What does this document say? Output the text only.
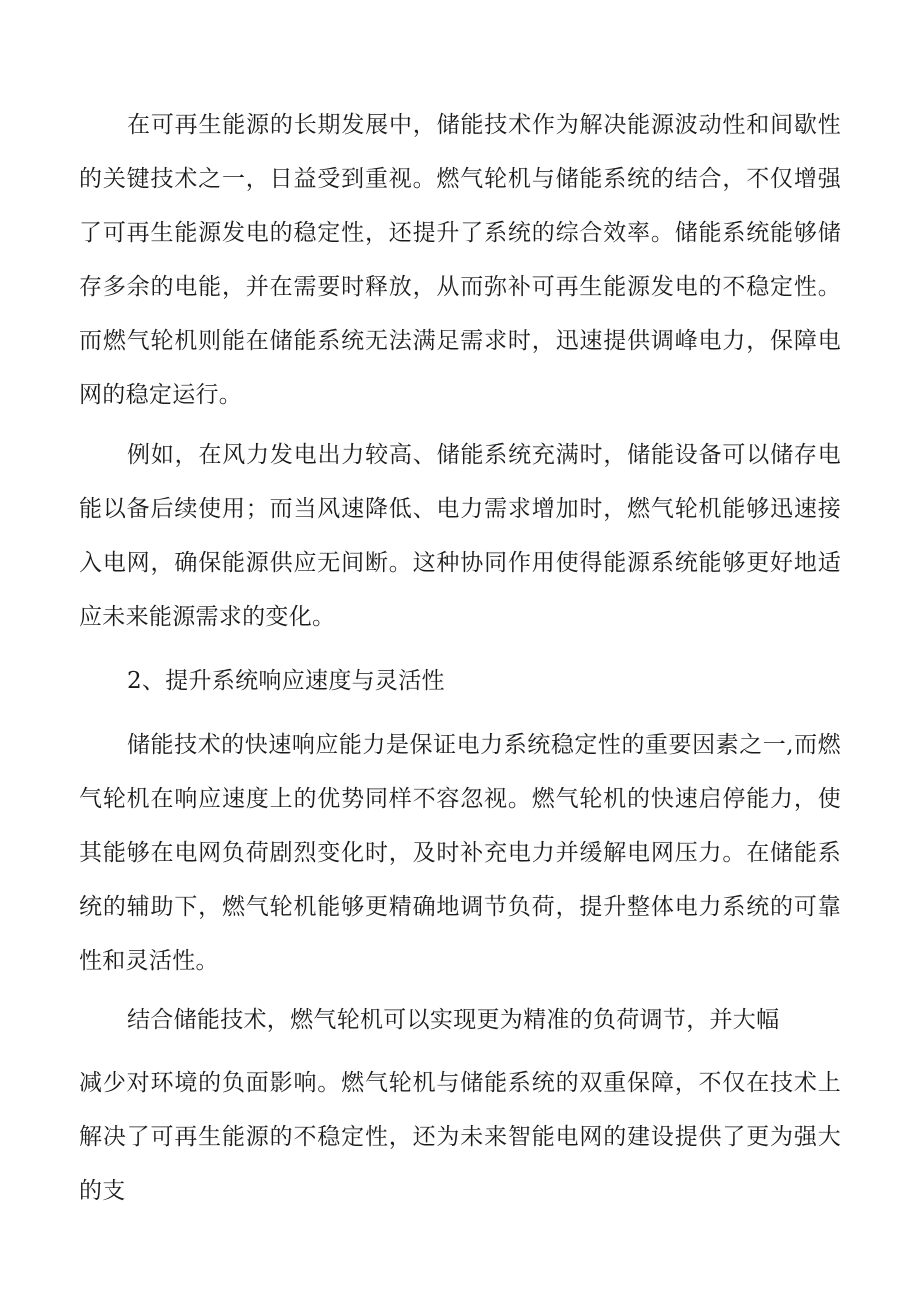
在可再生能源的长期发展中，储能技术作为解决能源波动性和间歇性的关键技术之一，日益受到重视。燃气轮机与储能系统的结合，不仅增强了可再生能源发电的稳定性，还提升了系统的综合效率。储能系统能够储存多余的电能，并在需要时释放，从而弥补可再生能源发电的不稳定性。而燃气轮机则能在储能系统无法满足需求时，迅速提供调峰电力，保障电网的稳定运行。

例如，在风力发电出力较高、储能系统充满时，储能设备可以储存电能以备后续使用；而当风速降低、电力需求增加时，燃气轮机能够迅速接入电网，确保能源供应无间断。这种协同作用使得能源系统能够更好地适应未来能源需求的变化。

2、提升系统响应速度与灵活性

储能技术的快速响应能力是保证电力系统稳定性的重要因素之一,而燃气轮机在响应速度上的优势同样不容忽视。燃气轮机的快速启停能力，使其能够在电网负荷剧烈变化时，及时补充电力并缓解电网压力。在储能系统的辅助下，燃气轮机能够更精确地调节负荷，提升整体电力系统的可靠性和灵活性。

结合储能技术，燃气轮机可以实现更为精准的负荷调节，并大幅

减少对环境的负面影响。燃气轮机与储能系统的双重保障，不仅在技术上解决了可再生能源的不稳定性，还为未来智能电网的建设提供了更为强大的支
